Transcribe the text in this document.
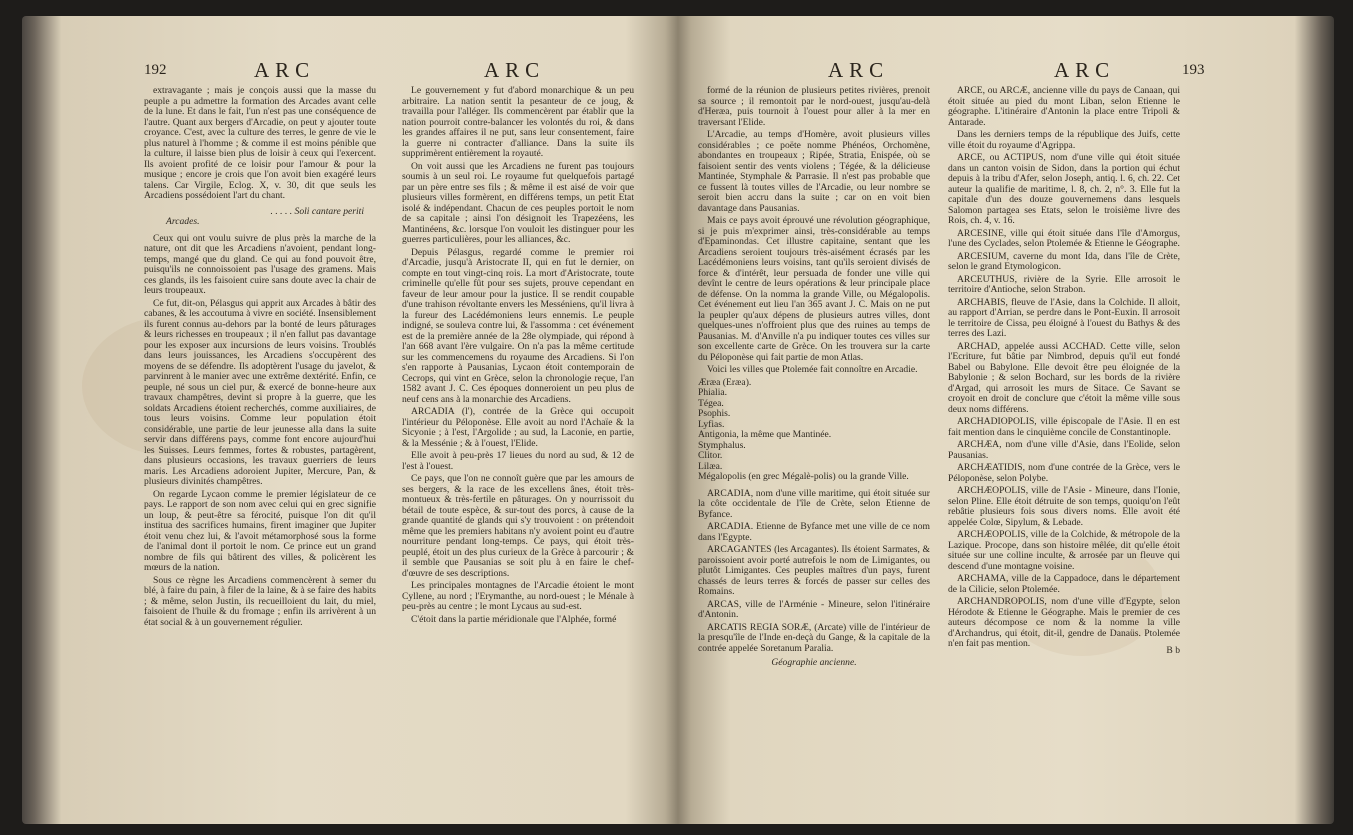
192	ARC	ARC

extravagante ; mais je conçois aussi que la masse du peuple a pu admettre la formation des Arcades avant celle de la lune. Et dans le fait, l'un n'est pas une conséquence de l'autre. Quant aux bergers d'Arcadie, on peut y ajouter toute croyance. C'est, avec la culture des terres, le genre de vie le plus naturel à l'homme ; & comme il est moins pénible que la culture, il laisse bien plus de loisir à ceux qui l'exercent. Ils avoient profité de ce loisir pour l'amour & pour la musique ; encore je crois que l'on avoit bien exagéré leurs talens. Car Virgile, Eclog. X, v. 30, dit que seuls les Arcadiens possédoient l'art du chant.

. . . . . Soli cantare periti

Arcades.

Ceux qui ont voulu suivre de plus près la marche de la nature, ont dit que les Arcadiens n'avoient, pendant long-temps, mangé que du gland. Ce qui au fond pouvoit être, puisqu'ils ne connoissoient pas l'usage des gramens. Mais ces glands, ils les faisoient cuire sans doute avec la chair de leurs troupeaux.

Ce fut, dit-on, Pélasgus qui apprit aux Arcades à bâtir des cabanes, & les accoutuma à vivre en société. Insensiblement ils furent connus au-dehors par la bonté de leurs pâturages & leurs richesses en troupeaux ; il n'en fallut pas davantage pour les exposer aux incursions de leurs voisins. Troublés dans leurs jouissances, les Arcadiens s'occupèrent des moyens de se défendre. Ils adoptèrent l'usage du javelot, & parvinrent à le manier avec une extrême dextérité. Enfin, ce peuple, né sous un ciel pur, & exercé de bonne-heure aux travaux champêtres, devint si propre à la guerre, que les soldats Arcadiens étoient recherchés, comme auxiliaires, de tous leurs voisins. Comme leur population étoit considérable, une partie de leur jeunesse alla dans la suite servir dans différens pays, comme font encore aujourd'hui les Suisses. Leurs femmes, fortes & robustes, partagèrent, dans plusieurs occasions, les travaux guerriers de leurs maris. Les Arcadiens adoroient Jupiter, Mercure, Pan, & plusieurs divinités champêtres.

On regarde Lycaon comme le premier législateur de ce pays. Le rapport de son nom avec celui qui en grec signifie un loup, & peut-être sa férocité, puisque l'on dit qu'il institua des sacrifices humains, firent imaginer que Jupiter étoit venu chez lui, & l'avoit métamorphosé sous la forme de l'animal dont il portoit le nom. Ce prince eut un grand nombre de fils qui bâtirent des villes, & policèrent les mœurs de la nation.

Sous ce règne les Arcadiens commencèrent à semer du blé, à faire du pain, à filer de la laine, & à se faire des habits ; & même, selon Justin, ils recueilloient du lait, du miel, faisoient de l'huile & du fromage ; enfin ils arrivèrent à un état social & à un gouvernement régulier.

Le gouvernement y fut d'abord monarchique & un peu arbitraire. La nation sentit la pesanteur de ce joug, & travailla pour l'alléger. Ils commencèrent par établir que la nation pourroit contre-balancer les volontés du roi, & dans les grandes affaires il ne put, sans leur consentement, faire la guerre ni contracter d'alliance. Dans la suite ils supprimèrent entièrement la royauté.

On voit aussi que les Arcadiens ne furent pas toujours soumis à un seul roi. Le royaume fut quelquefois partagé par un père entre ses fils ; & même il est aisé de voir que plusieurs villes formèrent, en différens temps, un petit Etat isolé & indépendant. Chacun de ces peuples portoit le nom de sa capitale ; ainsi l'on désignoit les Trapezéens, les Mantinéens, &c. lorsque l'on vouloit les distinguer pour les guerres particulières, pour les alliances, &c.

Depuis Pélasgus, regardé comme le premier roi d'Arcadie, jusqu'à Aristocrate II, qui en fut le dernier, on compte en tout vingt-cinq rois. La mort d'Aristocrate, toute criminelle qu'elle fût pour ses sujets, prouve cependant en faveur de leur amour pour la justice. Il se rendit coupable d'une trahison révoltante envers les Messéniens, qu'il livra à la fureur des Lacédémoniens leurs ennemis. Le peuple indigné, se souleva contre lui, & l'assomma : cet événement est de la première année de la 28e olympiade, qui répond à l'an 668 avant l'ère vulgaire. On n'a pas la même certitude sur les commencemens du royaume des Arcadiens. Si l'on s'en rapporte à Pausanias, Lycaon étoit contemporain de Cecrops, qui vint en Grèce, selon la chronologie reçue, l'an 1582 avant J. C. Ces époques donneroient un peu plus de neuf cens ans à la monarchie des Arcadiens.

ARCADIA (l'), contrée de la Grèce qui occupoit l'intérieur du Péloponèse. Elle avoit au nord l'Achaïe & la Sicyonie ; à l'est, l'Argolide ; au sud, la Laconie, en partie, & la Messénie ; & à l'ouest, l'Elide.

Elle avoit à peu-près 17 lieues du nord au sud, & 12 de l'est à l'ouest.

Ce pays, que l'on ne connoît guère que par les amours de ses bergers, & la race de les excellens ânes, étoit très-montueux & très-fertile en pâturages. On y nourrissoit du bétail de toute espèce, & sur-tout des porcs, à cause de la grande quantité de glands qui s'y trouvoient : on prétendoit même que les premiers habitans n'y avoient point eu d'autre nourriture pendant long-temps. Ce pays, qui étoit très-peuplé, étoit un des plus curieux de la Grèce à parcourir ; & il semble que Pausanias se soit plu à en faire le chef-d'œuvre de ses descriptions.

Les principales montagnes de l'Arcadie étoient le mont Cyllene, au nord ; l'Erymanthe, au nord-ouest ; le Ménale à peu-près au centre ; le mont Lycaus au sud-est.

C'étoit dans la partie méridionale que l'Alphée, formé

ARC	ARC	193

formé de la réunion de plusieurs petites rivières, prenoit sa source ; il remontoit par le nord-ouest, jusqu'au-delà d'Heræa, puis tournoit à l'ouest pour aller à la mer en traversant l'Elide.

L'Arcadie, au temps d'Homère, avoit plusieurs villes considérables ; ce poëte nomme Phénéos, Orchomène, abondantes en troupeaux ; Ripée, Stratia, Enispée, où se faisoient sentir des vents violens ; Tégée, & la délicieuse Mantinée, Stymphale & Parrasie. Il n'est pas probable que ce fussent là toutes villes de l'Arcadie, ou leur nombre se seroit bien accru dans la suite ; car on en voit bien davantage dans Pausanias.

Mais ce pays avoit éprouvé une révolution géographique, si je puis m'exprimer ainsi, très-considérable au temps d'Epaminondas. Cet illustre capitaine, sentant que les Arcadiens seroient toujours très-aisément écrasés par les Lacédémoniens leurs voisins, tant qu'ils seroient divisés de force & d'intérêt, leur persuada de fonder une ville qui devînt le centre de leurs opérations & leur principale place de défense. On la nomma la grande Ville, ou Mégalopolis. Cet événement eut lieu l'an 365 avant J. C. Mais on ne put la peupler qu'aux dépens de plusieurs autres villes, dont quelques-unes n'offroient plus que des ruines au temps de Pausanias. M. d'Anville n'a pu indiquer toutes ces villes sur son excellente carte de Grèce. On les trouvera sur la carte du Péloponèse qui fait partie de mon Atlas.

Voici les villes que Ptolemée fait connoître en Arcadie.

Æræa (Eræa).

Phialia.

Tégea.

Psophis.

Lyfias.

Antigonia, la même que Mantinée.

Stymphalus.

Clitor.

Lilæa.

Mégalopolis (en grec Mégalè-polis) ou la grande Ville.

ARCADIA, nom d'une ville maritime, qui étoit située sur la côte occidentale de l'île de Crète, selon Etienne de Byfance.

ARCADIA. Etienne de Byfance met une ville de ce nom dans l'Egypte.

ARCAGANTES (les Arcagantes). Ils étoient Sarmates, & paroissoient avoir porté autrefois le nom de Limigantes, ou plutôt Limigantes. Ces peuples maîtres d'un pays, furent chassés de leurs terres & forcés de passer sur celles des Romains.

ARCAS, ville de l'Arménie - Mineure, selon l'itinéraire d'Antonin.

ARCATIS REGIA SORÆ, (Arcate) ville de l'intérieur de la presqu'île de l'Inde en-deçà du Gange, & la capitale de la contrée appelée Soretanum Paralia.

Géographie ancienne.

ARCE, ou ARCÆ, ancienne ville du pays de Canaan, qui étoit située au pied du mont Liban, selon Etienne le géographe. L'itinéraire d'Antonin la place entre Tripoli & Antarade.

Dans les derniers temps de la république des Juifs, cette ville étoit du royaume d'Agrippa.

ARCE, ou ACTIPUS, nom d'une ville qui étoit située dans un canton voisin de Sidon, dans la portion qui échut depuis à la tribu d'Afer, selon Joseph, antiq. l. 6, ch. 22. Cet auteur la qualifie de maritime, l. 8, ch. 2, n°. 3. Elle fut la capitale d'un des douze gouvernemens dans lesquels Salomon partagea ses Etats, selon le troisième livre des Rois, ch. 4, v. 16.

ARCESINE, ville qui étoit située dans l'île d'Amorgus, l'une des Cyclades, selon Ptolemée & Etienne le Géographe.

ARCESIUM, caverne du mont Ida, dans l'île de Crète, selon le grand Etymologicon.

ARCEUTHUS, rivière de la Syrie. Elle arrosoit le territoire d'Antioche, selon Strabon.

ARCHABIS, fleuve de l'Asie, dans la Colchide. Il alloit, au rapport d'Arrian, se perdre dans le Pont-Euxin. Il arrosoit le territoire de Cissa, peu éloigné à l'ouest du Bathys & des terres des Lazi.

ARCHAD, appelée aussi ACCHAD. Cette ville, selon l'Ecriture, fut bâtie par Nimbrod, depuis qu'il eut fondé Babel ou Babylone. Elle devoit être peu éloignée de la Babylonie ; & selon Bochard, sur les bords de la rivière d'Argad, qui arrosoit les murs de Sitace. Ce Savant se croyoit en droit de conclure que c'étoit la même ville sous deux noms différens.

ARCHADIOPOLIS, ville épiscopale de l'Asie. Il en est fait mention dans le cinquième concile de Constantinople.

ARCHÆA, nom d'une ville d'Asie, dans l'Eolide, selon Pausanias.

ARCHÆATIDIS, nom d'une contrée de la Grèce, vers le Péloponèse, selon Polybe.

ARCHÆOPOLIS, ville de l'Asie - Mineure, dans l'Ionie, selon Pline. Elle étoit détruite de son temps, quoiqu'on l'eût rebâtie plusieurs fois sous divers noms. Elle avoit été appelée Colœ, Sipylum, & Lebade.

ARCHÆOPOLIS, ville de la Colchide, & métropole de la Lazique. Procope, dans son histoire mêlée, dit qu'elle étoit située sur une colline inculte, & arrosée par un fleuve qui descend d'une montagne voisine.

ARCHAMA, ville de la Cappadoce, dans le département de la Cilicie, selon Ptolemée.

ARCHANDROPOLIS, nom d'une ville d'Egypte, selon Hérodote & Etienne le Géographe. Mais le premier de ces auteurs décompose ce nom & la nomme la ville d'Archandrus, qui étoit, dit-il, gendre de Danaüs. Ptolemée n'en fait pas mention.

B b
